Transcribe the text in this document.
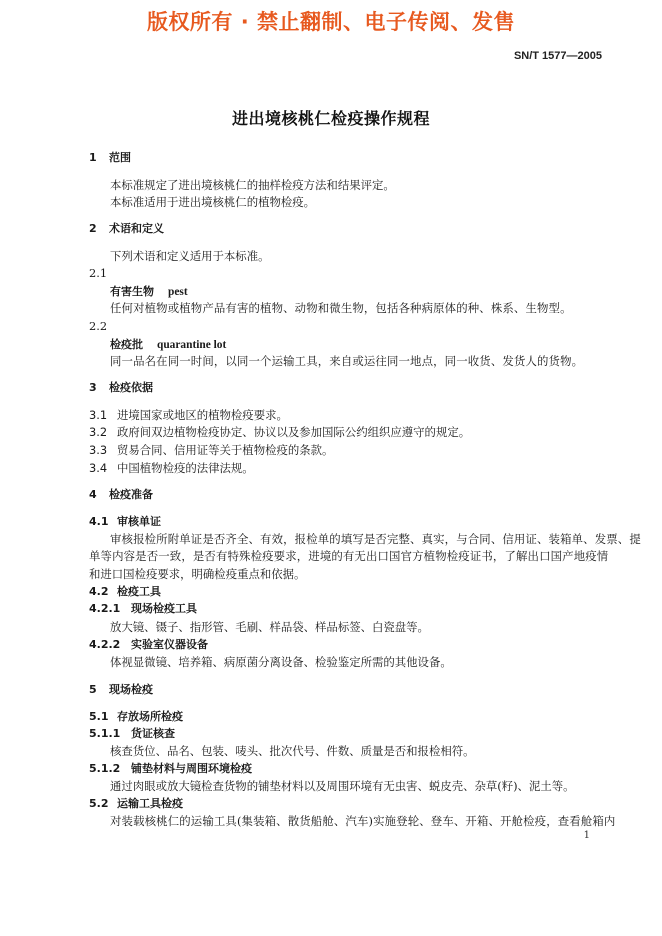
版权所有 · 禁止翻制、电子传阅、发售
SN/T 1577—2005
进出境核桃仁检疫操作规程
1 范围
本标准规定了进出境核桃仁的抽样检疫方法和结果评定。
本标准适用于进出境核桃仁的植物检疫。
2 术语和定义
下列术语和定义适用于本标准。
2.1
有害生物 pest
任何对植物或植物产品有害的植物、动物和微生物，包括各种病原体的种、株系、生物型。
2.2
检疫批 quarantine lot
同一品名在同一时间，以同一个运输工具，来自或运往同一地点，同一收货、发货人的货物。
3 检疫依据
3.1 进境国家或地区的植物检疫要求。
3.2 政府间双边植物检疫协定、协议以及参加国际公约组织应遵守的规定。
3.3 贸易合同、信用证等关于植物检疫的条款。
3.4 中国植物检疫的法律法规。
4 检疫准备
4.1 审核单证
审核报检所附单证是否齐全、有效，报检单的填写是否完整、真实，与合同、信用证、装箱单、发票、提
单等内容是否一致，是否有特殊检疫要求，进境的有无出口国官方植物检疫证书，了解出口国产地疫情
和进口国检疫要求，明确检疫重点和依据。
4.2 检疫工具
4.2.1 现场检疫工具
放大镜、镊子、指形管、毛刷、样品袋、样品标签、白瓷盘等。
4.2.2 实验室仪器设备
体视显微镜、培养箱、病原菌分离设备、检验鉴定所需的其他设备。
5 现场检疫
5.1 存放场所检疫
5.1.1 货证核查
核查货位、品名、包装、唛头、批次代号、件数、质量是否和报检相符。
5.1.2 铺垫材料与周围环境检疫
通过肉眼或放大镜检查货物的铺垫材料以及周围环境有无虫害、蜕皮壳、杂草(籽)、泥土等。
5.2 运输工具检疫
对装载核桃仁的运输工具(集装箱、散货船舱、汽车)实施登轮、登车、开箱、开舱检疫，查看舱箱内
1
